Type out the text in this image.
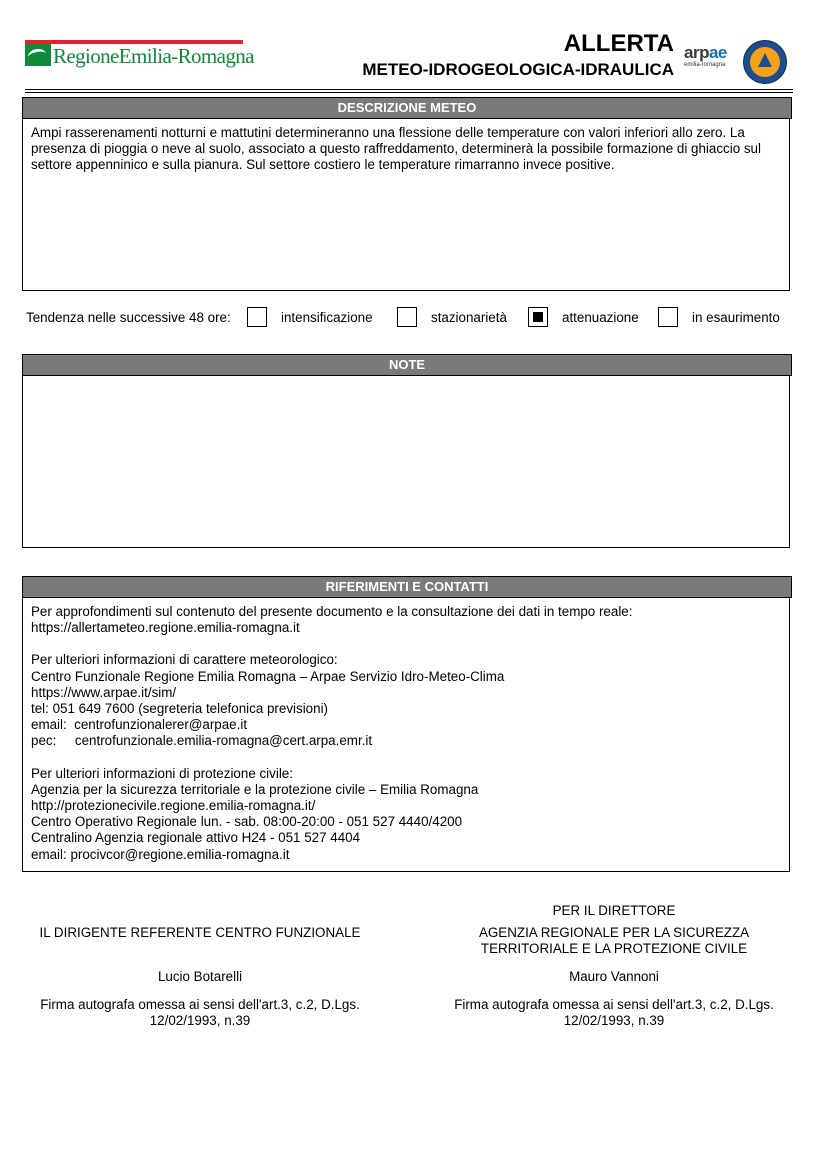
RegioneEmilia-Romagna	ALLERTA
METEO-IDROGEOLOGICA-IDRAULICA
arpae
emilia-romagna
DESCRIZIONE METEO
Ampi rasserenamenti notturni e mattutini determineranno una flessione delle temperature con valori inferiori allo zero. La presenza di pioggia o neve al suolo, associato a questo raffreddamento, determinerà la possibile formazione di ghiaccio sul settore appenninico e sulla pianura. Sul settore costiero le temperature rimarranno invece positive.
Tendenza nelle successive 48 ore:	intensificazione	stazionarietà	attenuazione	in esaurimento
NOTE
RIFERIMENTI E CONTATTI
Per approfondimenti sul contenuto del presente documento e la consultazione dei dati in tempo reale:
https://allertameteo.regione.emilia-romagna.it
Per ulteriori informazioni di carattere meteorologico:
Centro Funzionale Regione Emilia Romagna – Arpae Servizio Idro-Meteo-Clima
https://www.arpae.it/sim/
tel: 051 649 7600 (segreteria telefonica previsioni)
email:  centrofunzionalerer@arpae.it
pec:     centrofunzionale.emilia-romagna@cert.arpa.emr.it
Per ulteriori informazioni di protezione civile:
Agenzia per la sicurezza territoriale e la protezione civile – Emilia Romagna
http://protezionecivile.regione.emilia-romagna.it/
Centro Operativo Regionale lun. - sab. 08:00-20:00 - 051 527 4440/4200
Centralino Agenzia regionale attivo H24 - 051 527 4404
email: procivcor@regione.emilia-romagna.it
IL DIRIGENTE REFERENTE CENTRO FUNZIONALE
Lucio Botarelli
Firma autografa omessa ai sensi dell'art.3, c.2, D.Lgs.
12/02/1993, n.39
PER IL DIRETTORE
AGENZIA REGIONALE PER LA SICUREZZA
TERRITORIALE E LA PROTEZIONE CIVILE
Mauro Vannoni
Firma autografa omessa ai sensi dell'art.3, c.2, D.Lgs.
12/02/1993, n.39
